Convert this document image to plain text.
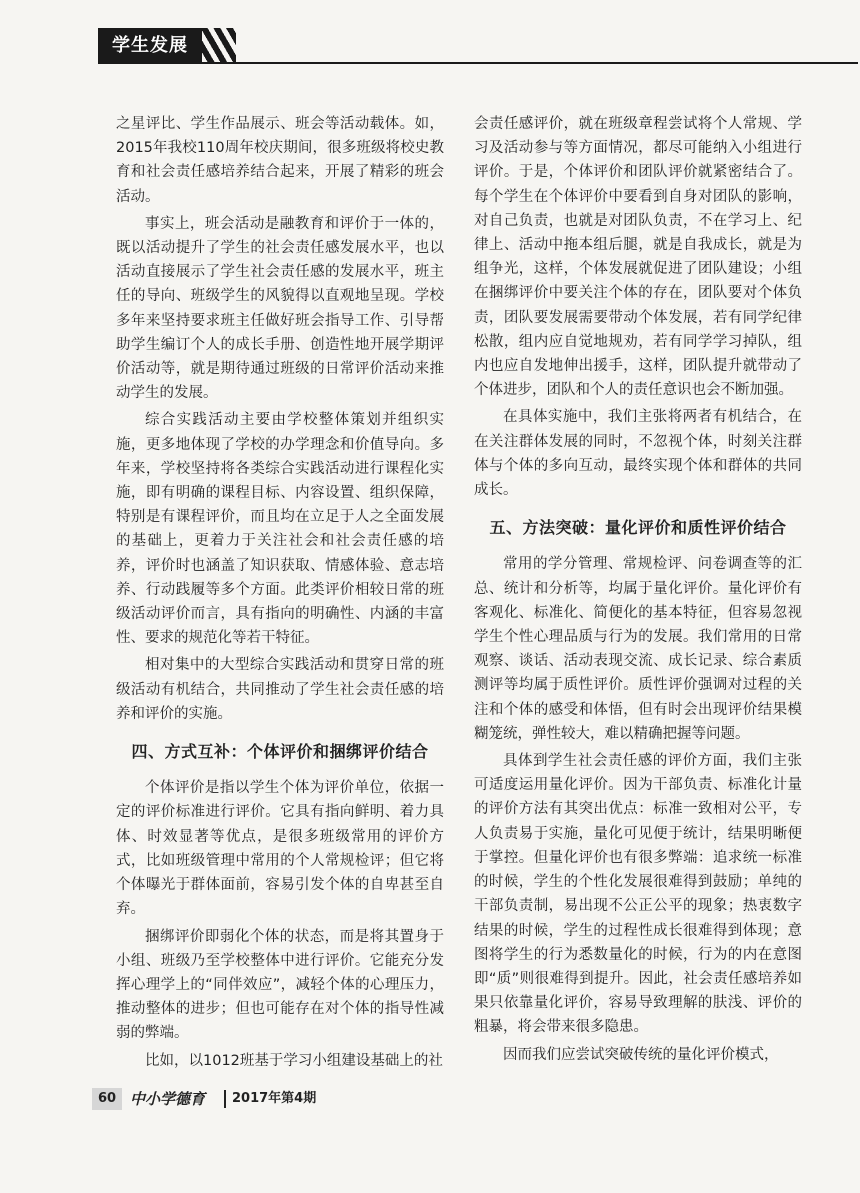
学生发展

之星评比、学生作品展示、班会等活动载体。如，2015年我校110周年校庆期间，很多班级将校史教育和社会责任感培养结合起来，开展了精彩的班会活动。

事实上，班会活动是融教育和评价于一体的，既以活动提升了学生的社会责任感发展水平，也以活动直接展示了学生社会责任感的发展水平，班主任的导向、班级学生的风貌得以直观地呈现。学校多年来坚持要求班主任做好班会指导工作、引导帮助学生编订个人的成长手册、创造性地开展学期评价活动等，就是期待通过班级的日常评价活动来推动学生的发展。

综合实践活动主要由学校整体策划并组织实施，更多地体现了学校的办学理念和价值导向。多年来，学校坚持将各类综合实践活动进行课程化实施，即有明确的课程目标、内容设置、组织保障，特别是有课程评价，而且均在立足于人之全面发展的基础上，更着力于关注社会和社会责任感的培养，评价时也涵盖了知识获取、情感体验、意志培养、行动践履等多个方面。此类评价相较日常的班级活动评价而言，具有指向的明确性、内涵的丰富性、要求的规范化等若干特征。

相对集中的大型综合实践活动和贯穿日常的班级活动有机结合，共同推动了学生社会责任感的培养和评价的实施。

四、方式互补：个体评价和捆绑评价结合

个体评价是指以学生个体为评价单位，依据一定的评价标准进行评价。它具有指向鲜明、着力具体、时效显著等优点，是很多班级常用的评价方式，比如班级管理中常用的个人常规检评；但它将个体曝光于群体面前，容易引发个体的自卑甚至自弃。

捆绑评价即弱化个体的状态，而是将其置身于小组、班级乃至学校整体中进行评价。它能充分发挥心理学上的“同伴效应”，减轻个体的心理压力，推动整体的进步；但也可能存在对个体的指导性减弱的弊端。

比如，以1012班基于学习小组建设基础上的社

会责任感评价，就在班级章程尝试将个人常规、学习及活动参与等方面情况，都尽可能纳入小组进行评价。于是，个体评价和团队评价就紧密结合了。每个学生在个体评价中要看到自身对团队的影响，对自己负责，也就是对团队负责，不在学习上、纪律上、活动中拖本组后腿，就是自我成长，就是为组争光，这样，个体发展就促进了团队建设；小组在捆绑评价中要关注个体的存在，团队要对个体负责，团队要发展需要带动个体发展，若有同学纪律松散，组内应自觉地规劝，若有同学学习掉队，组内也应自发地伸出援手，这样，团队提升就带动了个体进步，团队和个人的责任意识也会不断加强。

在具体实施中，我们主张将两者有机结合，在在关注群体发展的同时，不忽视个体，时刻关注群体与个体的多向互动，最终实现个体和群体的共同成长。

五、方法突破：量化评价和质性评价结合

常用的学分管理、常规检评、问卷调查等的汇总、统计和分析等，均属于量化评价。量化评价有客观化、标准化、简便化的基本特征，但容易忽视学生个性心理品质与行为的发展。我们常用的日常观察、谈话、活动表现交流、成长记录、综合素质测评等均属于质性评价。质性评价强调对过程的关注和个体的感受和体悟，但有时会出现评价结果模糊笼统，弹性较大，难以精确把握等问题。

具体到学生社会责任感的评价方面，我们主张可适度运用量化评价。因为干部负责、标准化计量的评价方法有其突出优点：标准一致相对公平，专人负责易于实施，量化可见便于统计，结果明晰便于掌控。但量化评价也有很多弊端：追求统一标准的时候，学生的个性化发展很难得到鼓励；单纯的干部负责制，易出现不公正公平的现象；热衷数字结果的时候，学生的过程性成长很难得到体现；意图将学生的行为悉数量化的时候，行为的内在意图即“质”则很难得到提升。因此，社会责任感培养如果只依靠量化评价，容易导致理解的肤浅、评价的粗暴，将会带来很多隐患。

因而我们应尝试突破传统的量化评价模式，

60 中小学德育 2017年第4期
